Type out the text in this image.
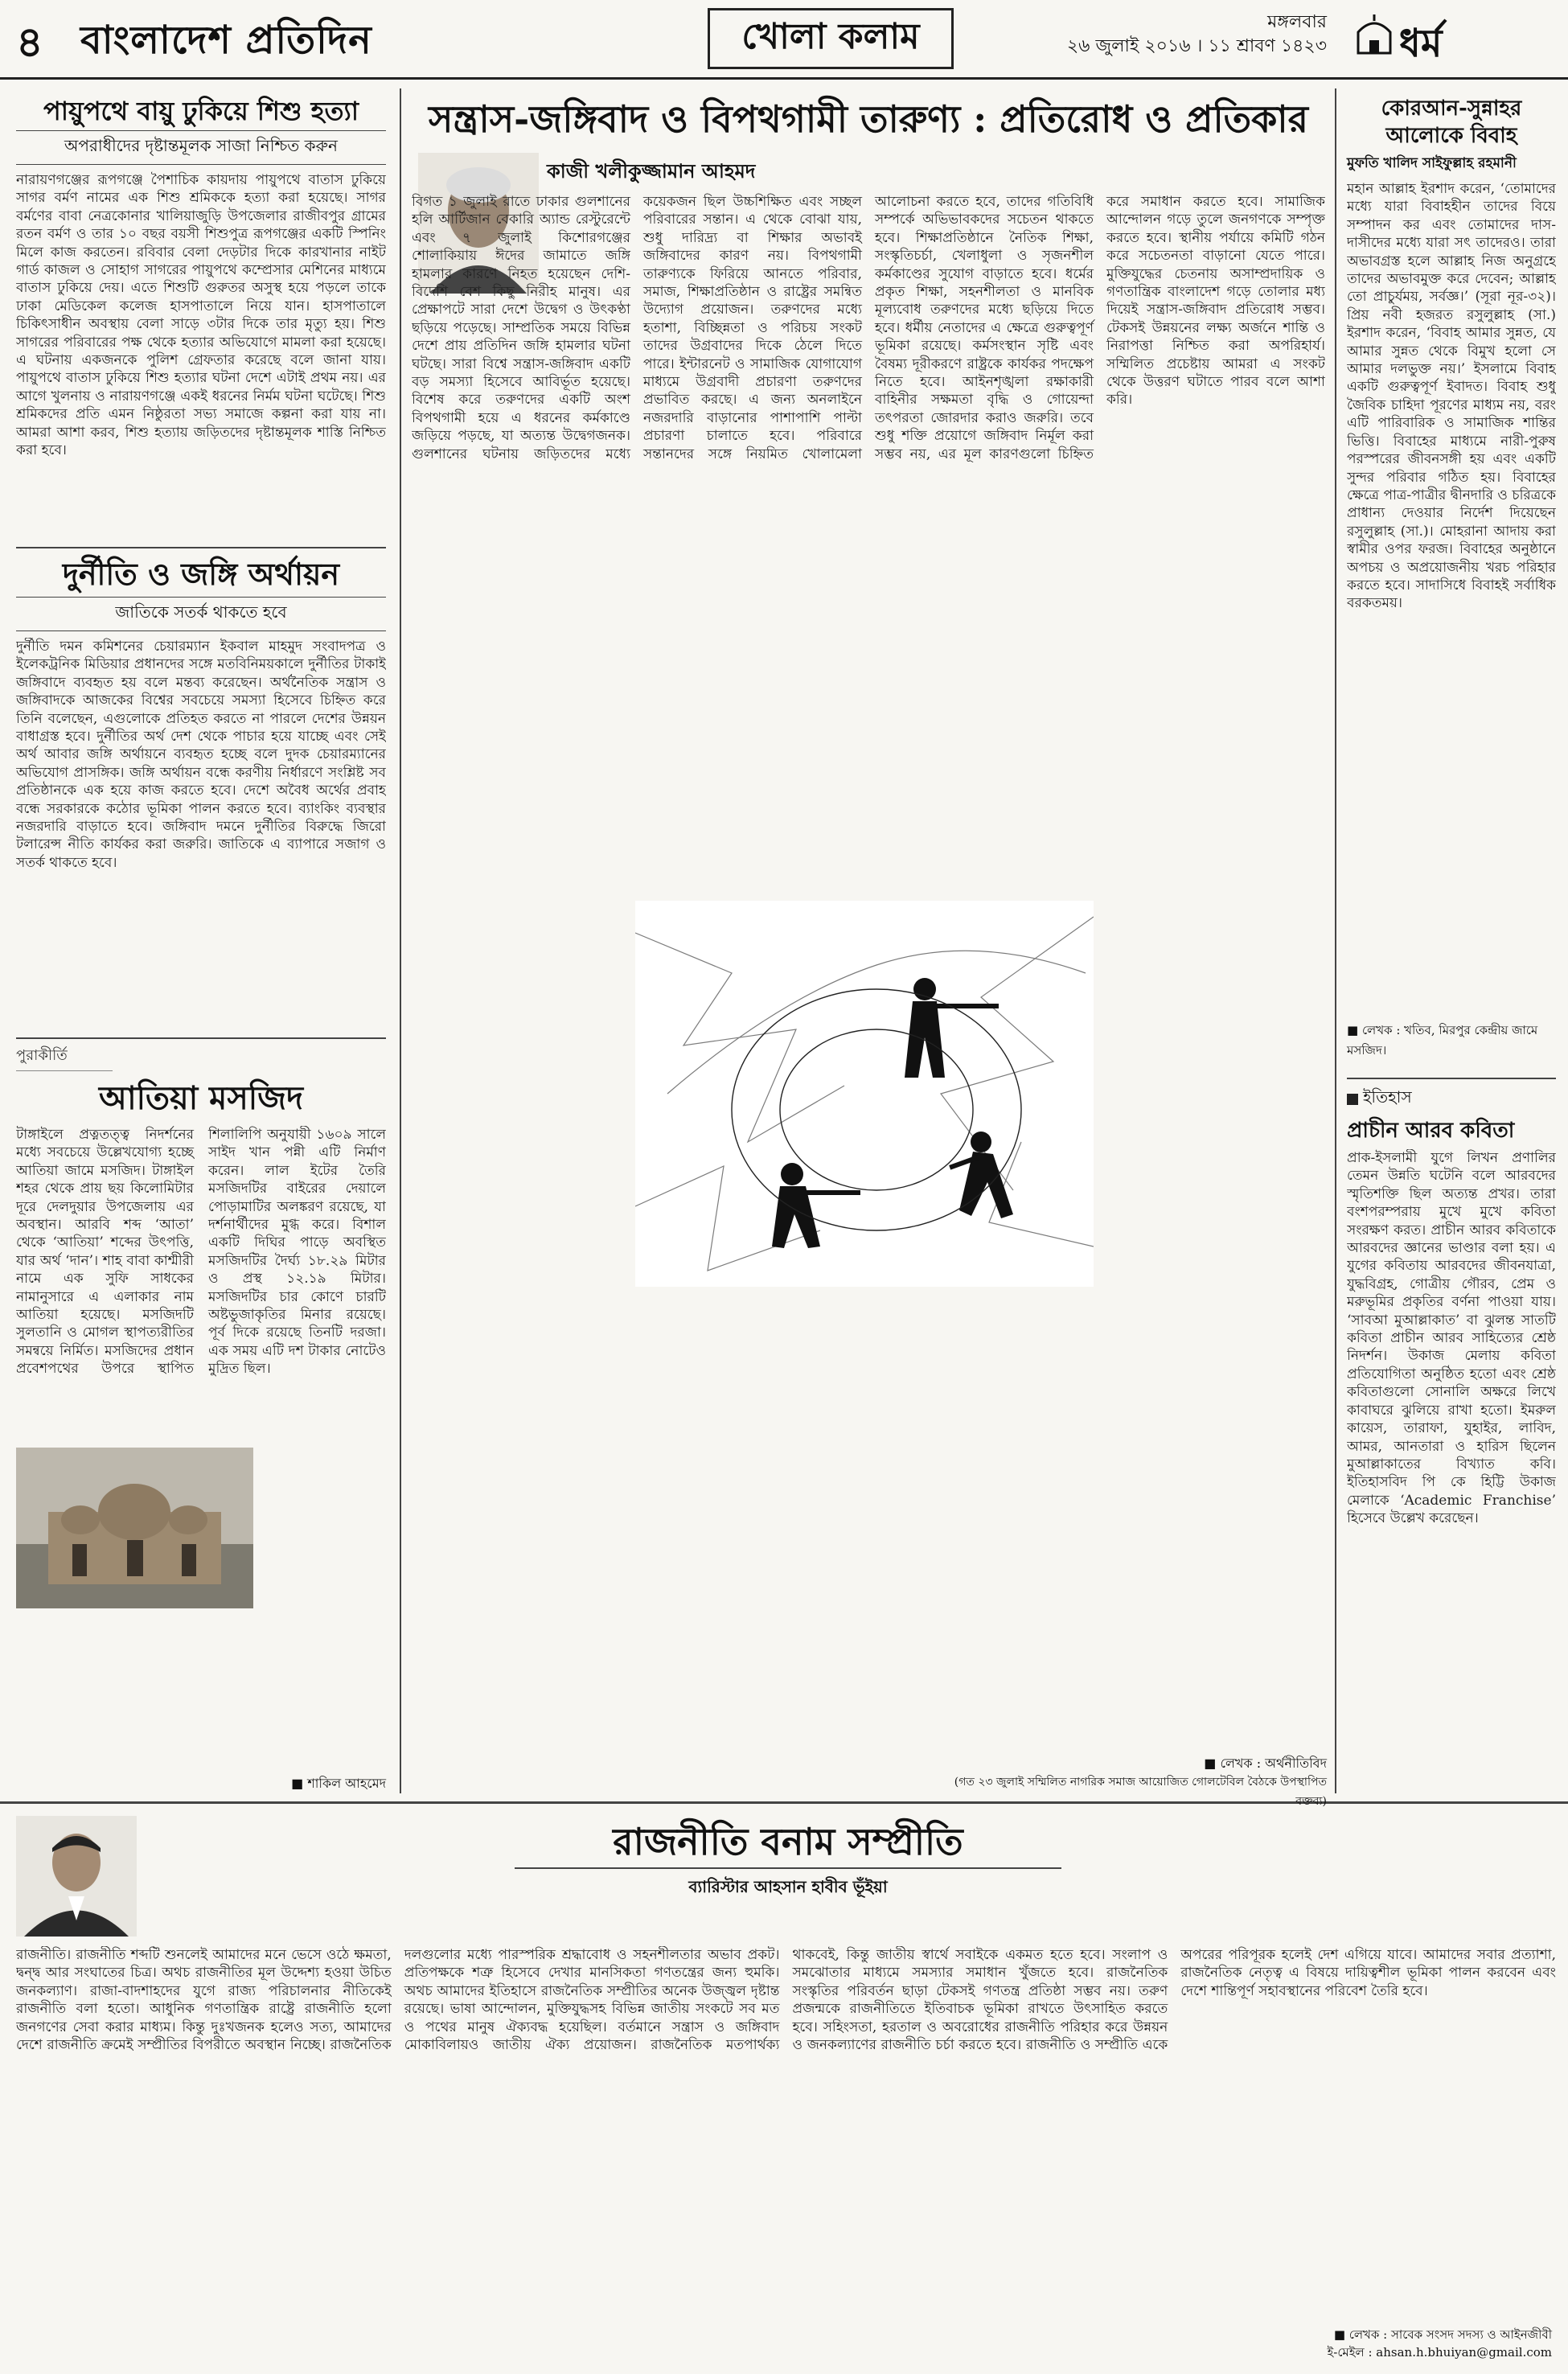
৪ বাংলাদেশ প্রতিদিন	খোলা কলাম	মঙ্গলবার
২৬ জুলাই ২০১৬ । ১১ শ্রাবণ ১৪২৩ ধর্ম
পায়ুপথে বায়ু ঢুকিয়ে শিশু হত্যা
অপরাধীদের দৃষ্টান্তমূলক সাজা নিশ্চিত করুন
নারায়ণগঞ্জের রূপগঞ্জে পৈশাচিক কায়দায় পায়ুপথে বাতাস ঢুকিয়ে সাগর বর্মণ নামের এক শিশু শ্রমিককে হত্যা করা হয়েছে। সাগর বর্মণের বাবা নেত্রকোনার খালিয়াজুড়ি উপজেলার রাজীবপুর গ্রামের রতন বর্মণ ও তার ১০ বছর বয়সী শিশুপুত্র রূপগঞ্জের একটি স্পিনিং মিলে কাজ করতেন। রবিবার বেলা দেড়টার দিকে কারখানার নাইট গার্ড কাজল ও সোহাগ সাগরের পায়ুপথে কম্প্রেসার মেশিনের মাধ্যমে বাতাস ঢুকিয়ে দেয়। এতে শিশুটি গুরুতর অসুস্থ হয়ে পড়লে তাকে ঢাকা মেডিকেল কলেজ হাসপাতালে নিয়ে যান। হাসপাতালে চিকিৎসাধীন অবস্থায় বেলা সাড়ে ৩টার দিকে তার মৃত্যু হয়। শিশু সাগরের পরিবারের পক্ষ থেকে হত্যার অভিযোগে মামলা করা হয়েছে। এ ঘটনায় একজনকে পুলিশ গ্রেফতার করেছে বলে জানা যায়। পায়ুপথে বাতাস ঢুকিয়ে শিশু হত্যার ঘটনা দেশে এটাই প্রথম নয়। এর আগে খুলনায় ও নারায়ণগঞ্জে একই ধরনের নির্মম ঘটনা ঘটেছে। শিশু শ্রমিকদের প্রতি এমন নিষ্ঠুরতা সভ্য সমাজে কল্পনা করা যায় না। আমরা আশা করব, শিশু হত্যায় জড়িতদের দৃষ্টান্তমূলক শাস্তি নিশ্চিত করা হবে।
দুর্নীতি ও জঙ্গি অর্থায়ন
জাতিকে সতর্ক থাকতে হবে
দুর্নীতি দমন কমিশনের চেয়ারম্যান ইকবাল মাহমুদ সংবাদপত্র ও ইলেকট্রনিক মিডিয়ার প্রধানদের সঙ্গে মতবিনিময়কালে দুর্নীতির টাকাই জঙ্গিবাদে ব্যবহৃত হয় বলে মন্তব্য করেছেন। অর্থনৈতিক সন্ত্রাস ও জঙ্গিবাদকে আজকের বিশ্বের সবচেয়ে সমস্যা হিসেবে চিহ্নিত করে তিনি বলেছেন, এগুলোকে প্রতিহত করতে না পারলে দেশের উন্নয়ন বাধাগ্রস্ত হবে। দুর্নীতির অর্থ দেশ থেকে পাচার হয়ে যাচ্ছে এবং সেই অর্থ আবার জঙ্গি অর্থায়নে ব্যবহৃত হচ্ছে বলে দুদক চেয়ারম্যানের অভিযোগ প্রাসঙ্গিক। জঙ্গি অর্থায়ন বন্ধে করণীয় নির্ধারণে সংশ্লিষ্ট সব প্রতিষ্ঠানকে এক হয়ে কাজ করতে হবে। দেশে অবৈধ অর্থের প্রবাহ বন্ধে সরকারকে কঠোর ভূমিকা পালন করতে হবে। ব্যাংকিং ব্যবস্থার নজরদারি বাড়াতে হবে। জঙ্গিবাদ দমনে দুর্নীতির বিরুদ্ধে জিরো টলারেন্স নীতি কার্যকর করা জরুরি। জাতিকে এ ব্যাপারে সজাগ ও সতর্ক থাকতে হবে।
পুরাকীর্তি
আতিয়া মসজিদ
টাঙ্গাইলে প্রত্নতত্ত্ব নিদর্শনের মধ্যে সবচেয়ে উল্লেখযোগ্য হচ্ছে আতিয়া জামে মসজিদ। টাঙ্গাইল শহর থেকে প্রায় ছয় কিলোমিটার দূরে দেলদুয়ার উপজেলায় এর অবস্থান। আরবি শব্দ ‘আতা’ থেকে ‘আতিয়া’ শব্দের উৎপত্তি, যার অর্থ ‘দান’। শাহ বাবা কাশ্মীরী নামে এক সুফি সাধকের নামানুসারে এ এলাকার নাম আতিয়া হয়েছে। মসজিদটি সুলতানি ও মোগল স্থাপত্যরীতির সমন্বয়ে নির্মিত। মসজিদের প্রধান প্রবেশপথের উপরে স্থাপিত শিলালিপি অনুযায়ী ১৬০৯ সালে সাইদ খান পন্নী এটি নির্মাণ করেন। লাল ইটের তৈরি মসজিদটির বাইরের দেয়ালে পোড়ামাটির অলঙ্করণ রয়েছে, যা দর্শনার্থীদের মুগ্ধ করে। বিশাল একটি দিঘির পাড়ে অবস্থিত মসজিদটির দৈর্ঘ্য ১৮.২৯ মিটার ও প্রস্থ ১২.১৯ মিটার। মসজিদটির চার কোণে চারটি অষ্টভুজাকৃতির মিনার রয়েছে। পূর্ব দিকে রয়েছে তিনটি দরজা। এক সময় এটি দশ টাকার নোটেও মুদ্রিত ছিল।
■ শাকিল আহমেদ
সন্ত্রাস-জঙ্গিবাদ ও বিপথগামী তারুণ্য : প্রতিরোধ ও প্রতিকার
কাজী খলীকুজ্জামান আহমদ
বিগত ১ জুলাই রাতে ঢাকার গুলশানের হলি আর্টিজান বেকারি অ্যান্ড রেস্টুরেন্টে এবং ৭ জুলাই কিশোরগঞ্জের শোলাকিয়ায় ঈদের জামাতে জঙ্গি হামলার কারণে নিহত হয়েছেন দেশি-বিদেশি বেশ কিছু নিরীহ মানুষ। এর প্রেক্ষাপটে সারা দেশে উদ্বেগ ও উৎকণ্ঠা ছড়িয়ে পড়েছে। সাম্প্রতিক সময়ে বিভিন্ন দেশে প্রায় প্রতিদিন জঙ্গি হামলার ঘটনা ঘটছে। সারা বিশ্বে সন্ত্রাস-জঙ্গিবাদ একটি বড় সমস্যা হিসেবে আবির্ভূত হয়েছে। বিশেষ করে তরুণদের একটি অংশ বিপথগামী হয়ে এ ধরনের কর্মকাণ্ডে জড়িয়ে পড়ছে, যা অত্যন্ত উদ্বেগজনক। গুলশানের ঘটনায় জড়িতদের মধ্যে কয়েকজন ছিল উচ্চশিক্ষিত এবং সচ্ছল পরিবারের সন্তান। এ থেকে বোঝা যায়, শুধু দারিদ্র্য বা শিক্ষার অভাবই জঙ্গিবাদের কারণ নয়। বিপথগামী তারুণ্যকে ফিরিয়ে আনতে পরিবার, সমাজ, শিক্ষাপ্রতিষ্ঠান ও রাষ্ট্রের সমন্বিত উদ্যোগ প্রয়োজন। তরুণদের মধ্যে হতাশা, বিচ্ছিন্নতা ও পরিচয় সংকট তাদের উগ্রবাদের দিকে ঠেলে দিতে পারে। ইন্টারনেট ও সামাজিক যোগাযোগ মাধ্যমে উগ্রবাদী প্রচারণা তরুণদের প্রভাবিত করছে। এ জন্য অনলাইনে নজরদারি বাড়ানোর পাশাপাশি পাল্টা প্রচারণা চালাতে হবে। পরিবারে সন্তানদের সঙ্গে নিয়মিত খোলামেলা আলোচনা করতে হবে, তাদের গতিবিধি সম্পর্কে অভিভাবকদের সচেতন থাকতে হবে। শিক্ষাপ্রতিষ্ঠানে নৈতিক শিক্ষা, সংস্কৃতিচর্চা, খেলাধুলা ও সৃজনশীল কর্মকাণ্ডের সুযোগ বাড়াতে হবে। ধর্মের প্রকৃত শিক্ষা, সহনশীলতা ও মানবিক মূল্যবোধ তরুণদের মধ্যে ছড়িয়ে দিতে হবে। ধর্মীয় নেতাদের এ ক্ষেত্রে গুরুত্বপূর্ণ ভূমিকা রয়েছে। কর্মসংস্থান সৃষ্টি এবং বৈষম্য দূরীকরণে রাষ্ট্রকে কার্যকর পদক্ষেপ নিতে হবে। আইনশৃঙ্খলা রক্ষাকারী বাহিনীর সক্ষমতা বৃদ্ধি ও গোয়েন্দা তৎপরতা জোরদার করাও জরুরি। তবে শুধু শক্তি প্রয়োগে জঙ্গিবাদ নির্মূল করা সম্ভব নয়, এর মূল কারণগুলো চিহ্নিত করে সমাধান করতে হবে। সামাজিক আন্দোলন গড়ে তুলে জনগণকে সম্পৃক্ত করতে হবে। স্থানীয় পর্যায়ে কমিটি গঠন করে সচেতনতা বাড়ানো যেতে পারে। মুক্তিযুদ্ধের চেতনায় অসাম্প্রদায়িক ও গণতান্ত্রিক বাংলাদেশ গড়ে তোলার মধ্য দিয়েই সন্ত্রাস-জঙ্গিবাদ প্রতিরোধ সম্ভব। টেকসই উন্নয়নের লক্ষ্য অর্জনে শান্তি ও নিরাপত্তা নিশ্চিত করা অপরিহার্য। সম্মিলিত প্রচেষ্টায় আমরা এ সংকট থেকে উত্তরণ ঘটাতে পারব বলে আশা করি।
■ লেখক : অর্থনীতিবিদ
(গত ২৩ জুলাই সম্মিলিত নাগরিক সমাজ আয়োজিত গোলটেবিল বৈঠকে উপস্থাপিত বক্তব্য)
কোরআন-সুন্নাহর আলোকে বিবাহ
মুফতি খালিদ সাইফুল্লাহ রহমানী
মহান আল্লাহ ইরশাদ করেন, ‘তোমাদের মধ্যে যারা বিবাহহীন তাদের বিয়ে সম্পাদন কর এবং তোমাদের দাস-দাসীদের মধ্যে যারা সৎ তাদেরও। তারা অভাবগ্রস্ত হলে আল্লাহ নিজ অনুগ্রহে তাদের অভাবমুক্ত করে দেবেন; আল্লাহ তো প্রাচুর্যময়, সর্বজ্ঞ।’ (সূরা নূর-৩২)। প্রিয় নবী হজরত রসুলুল্লাহ (সা.) ইরশাদ করেন, ‘বিবাহ আমার সুন্নত, যে আমার সুন্নত থেকে বিমুখ হলো সে আমার দলভুক্ত নয়।’ ইসলামে বিবাহ একটি গুরুত্বপূর্ণ ইবাদত। বিবাহ শুধু জৈবিক চাহিদা পূরণের মাধ্যম নয়, বরং এটি পারিবারিক ও সামাজিক শান্তির ভিত্তি। বিবাহের মাধ্যমে নারী-পুরুষ পরস্পরের জীবনসঙ্গী হয় এবং একটি সুন্দর পরিবার গঠিত হয়। বিবাহের ক্ষেত্রে পাত্র-পাত্রীর দ্বীনদারি ও চরিত্রকে প্রাধান্য দেওয়ার নির্দেশ দিয়েছেন রসুলুল্লাহ (সা.)। মোহরানা আদায় করা স্বামীর ওপর ফরজ। বিবাহের অনুষ্ঠানে অপচয় ও অপ্রয়োজনীয় খরচ পরিহার করতে হবে। সাদাসিধে বিবাহই সর্বাধিক বরকতময়।
■ লেখক : খতিব, মিরপুর কেন্দ্রীয় জামে মসজিদ।
ইতিহাস
প্রাচীন আরব কবিতা
প্রাক-ইসলামী যুগে লিখন প্রণালির তেমন উন্নতি ঘটেনি বলে আরবদের স্মৃতিশক্তি ছিল অত্যন্ত প্রখর। তারা বংশপরম্পরায় মুখে মুখে কবিতা সংরক্ষণ করত। প্রাচীন আরব কবিতাকে আরবদের জ্ঞানের ভাণ্ডার বলা হয়। এ যুগের কবিতায় আরবদের জীবনযাত্রা, যুদ্ধবিগ্রহ, গোত্রীয় গৌরব, প্রেম ও মরুভূমির প্রকৃতির বর্ণনা পাওয়া যায়। ‘সাবআ মুআল্লাকাত’ বা ঝুলন্ত সাতটি কবিতা প্রাচীন আরব সাহিত্যের শ্রেষ্ঠ নিদর্শন। উকাজ মেলায় কবিতা প্রতিযোগিতা অনুষ্ঠিত হতো এবং শ্রেষ্ঠ কবিতাগুলো সোনালি অক্ষরে লিখে কাবাঘরে ঝুলিয়ে রাখা হতো। ইমরুল কায়েস, তারাফা, যুহাইর, লাবিদ, আমর, আনতারা ও হারিস ছিলেন মুআল্লাকাতের বিখ্যাত কবি। ইতিহাসবিদ পি কে হিট্টি উকাজ মেলাকে ‘Academic Franchise’ হিসেবে উল্লেখ করেছেন।
রাজনীতি বনাম সম্প্রীতি
ব্যারিস্টার আহসান হাবীব ভূঁইয়া
রাজনীতি। রাজনীতি শব্দটি শুনলেই আমাদের মনে ভেসে ওঠে ক্ষমতা, দ্বন্দ্ব আর সংঘাতের চিত্র। অথচ রাজনীতির মূল উদ্দেশ্য হওয়া উচিত জনকল্যাণ। রাজা-বাদশাহদের যুগে রাজ্য পরিচালনার নীতিকেই রাজনীতি বলা হতো। আধুনিক গণতান্ত্রিক রাষ্ট্রে রাজনীতি হলো জনগণের সেবা করার মাধ্যম। কিন্তু দুঃখজনক হলেও সত্য, আমাদের দেশে রাজনীতি ক্রমেই সম্প্রীতির বিপরীতে অবস্থান নিচ্ছে। রাজনৈতিক দলগুলোর মধ্যে পারস্পরিক শ্রদ্ধাবোধ ও সহনশীলতার অভাব প্রকট। প্রতিপক্ষকে শত্রু হিসেবে দেখার মানসিকতা গণতন্ত্রের জন্য হুমকি। অথচ আমাদের ইতিহাসে রাজনৈতিক সম্প্রীতির অনেক উজ্জ্বল দৃষ্টান্ত রয়েছে। ভাষা আন্দোলন, মুক্তিযুদ্ধসহ বিভিন্ন জাতীয় সংকটে সব মত ও পথের মানুষ ঐক্যবদ্ধ হয়েছিল। বর্তমানে সন্ত্রাস ও জঙ্গিবাদ মোকাবিলায়ও জাতীয় ঐক্য প্রয়োজন। রাজনৈতিক মতপার্থক্য থাকবেই, কিন্তু জাতীয় স্বার্থে সবাইকে একমত হতে হবে। সংলাপ ও সমঝোতার মাধ্যমে সমস্যার সমাধান খুঁজতে হবে। রাজনৈতিক সংস্কৃতির পরিবর্তন ছাড়া টেকসই গণতন্ত্র প্রতিষ্ঠা সম্ভব নয়। তরুণ প্রজন্মকে রাজনীতিতে ইতিবাচক ভূমিকা রাখতে উৎসাহিত করতে হবে। সহিংসতা, হরতাল ও অবরোধের রাজনীতি পরিহার করে উন্নয়ন ও জনকল্যাণের রাজনীতি চর্চা করতে হবে। রাজনীতি ও সম্প্রীতি একে অপরের পরিপূরক হলেই দেশ এগিয়ে যাবে। আমাদের সবার প্রত্যাশা, রাজনৈতিক নেতৃত্ব এ বিষয়ে দায়িত্বশীল ভূমিকা পালন করবেন এবং দেশে শান্তিপূর্ণ সহাবস্থানের পরিবেশ তৈরি হবে।
■ লেখক : সাবেক সংসদ সদস্য ও আইনজীবী
ই-মেইল : ahsan.h.bhuiyan@gmail.com
